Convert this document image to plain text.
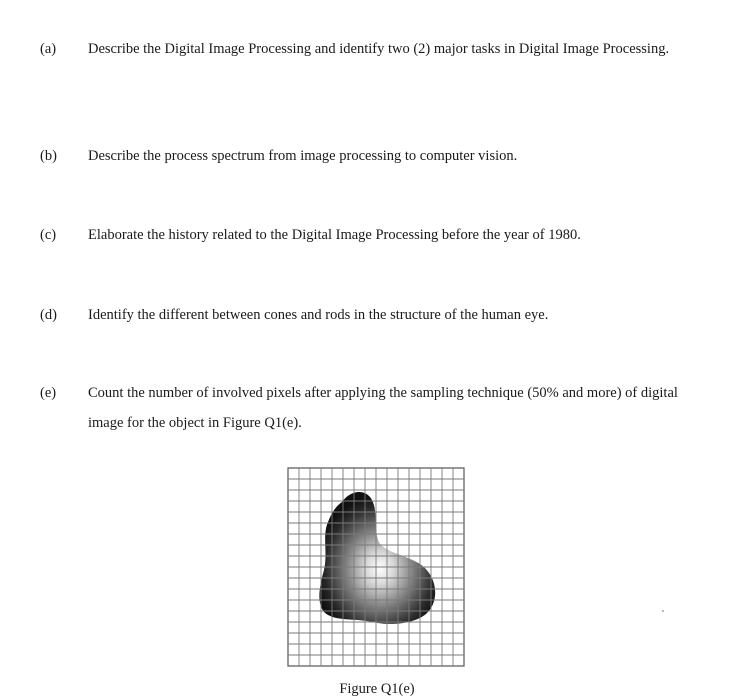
(a)	Describe the Digital Image Processing and identify two (2) major tasks in Digital Image Processing.
(b)	Describe the process spectrum from image processing to computer vision.
(c)	Elaborate the history related to the Digital Image Processing before the year of 1980.
(d)	Identify the different between cones and rods in the structure of the human eye.
(e)	Count the number of involved pixels after applying the sampling technique (50% and more) of digital image for the object in Figure Q1(e).
Figure Q1(e)
